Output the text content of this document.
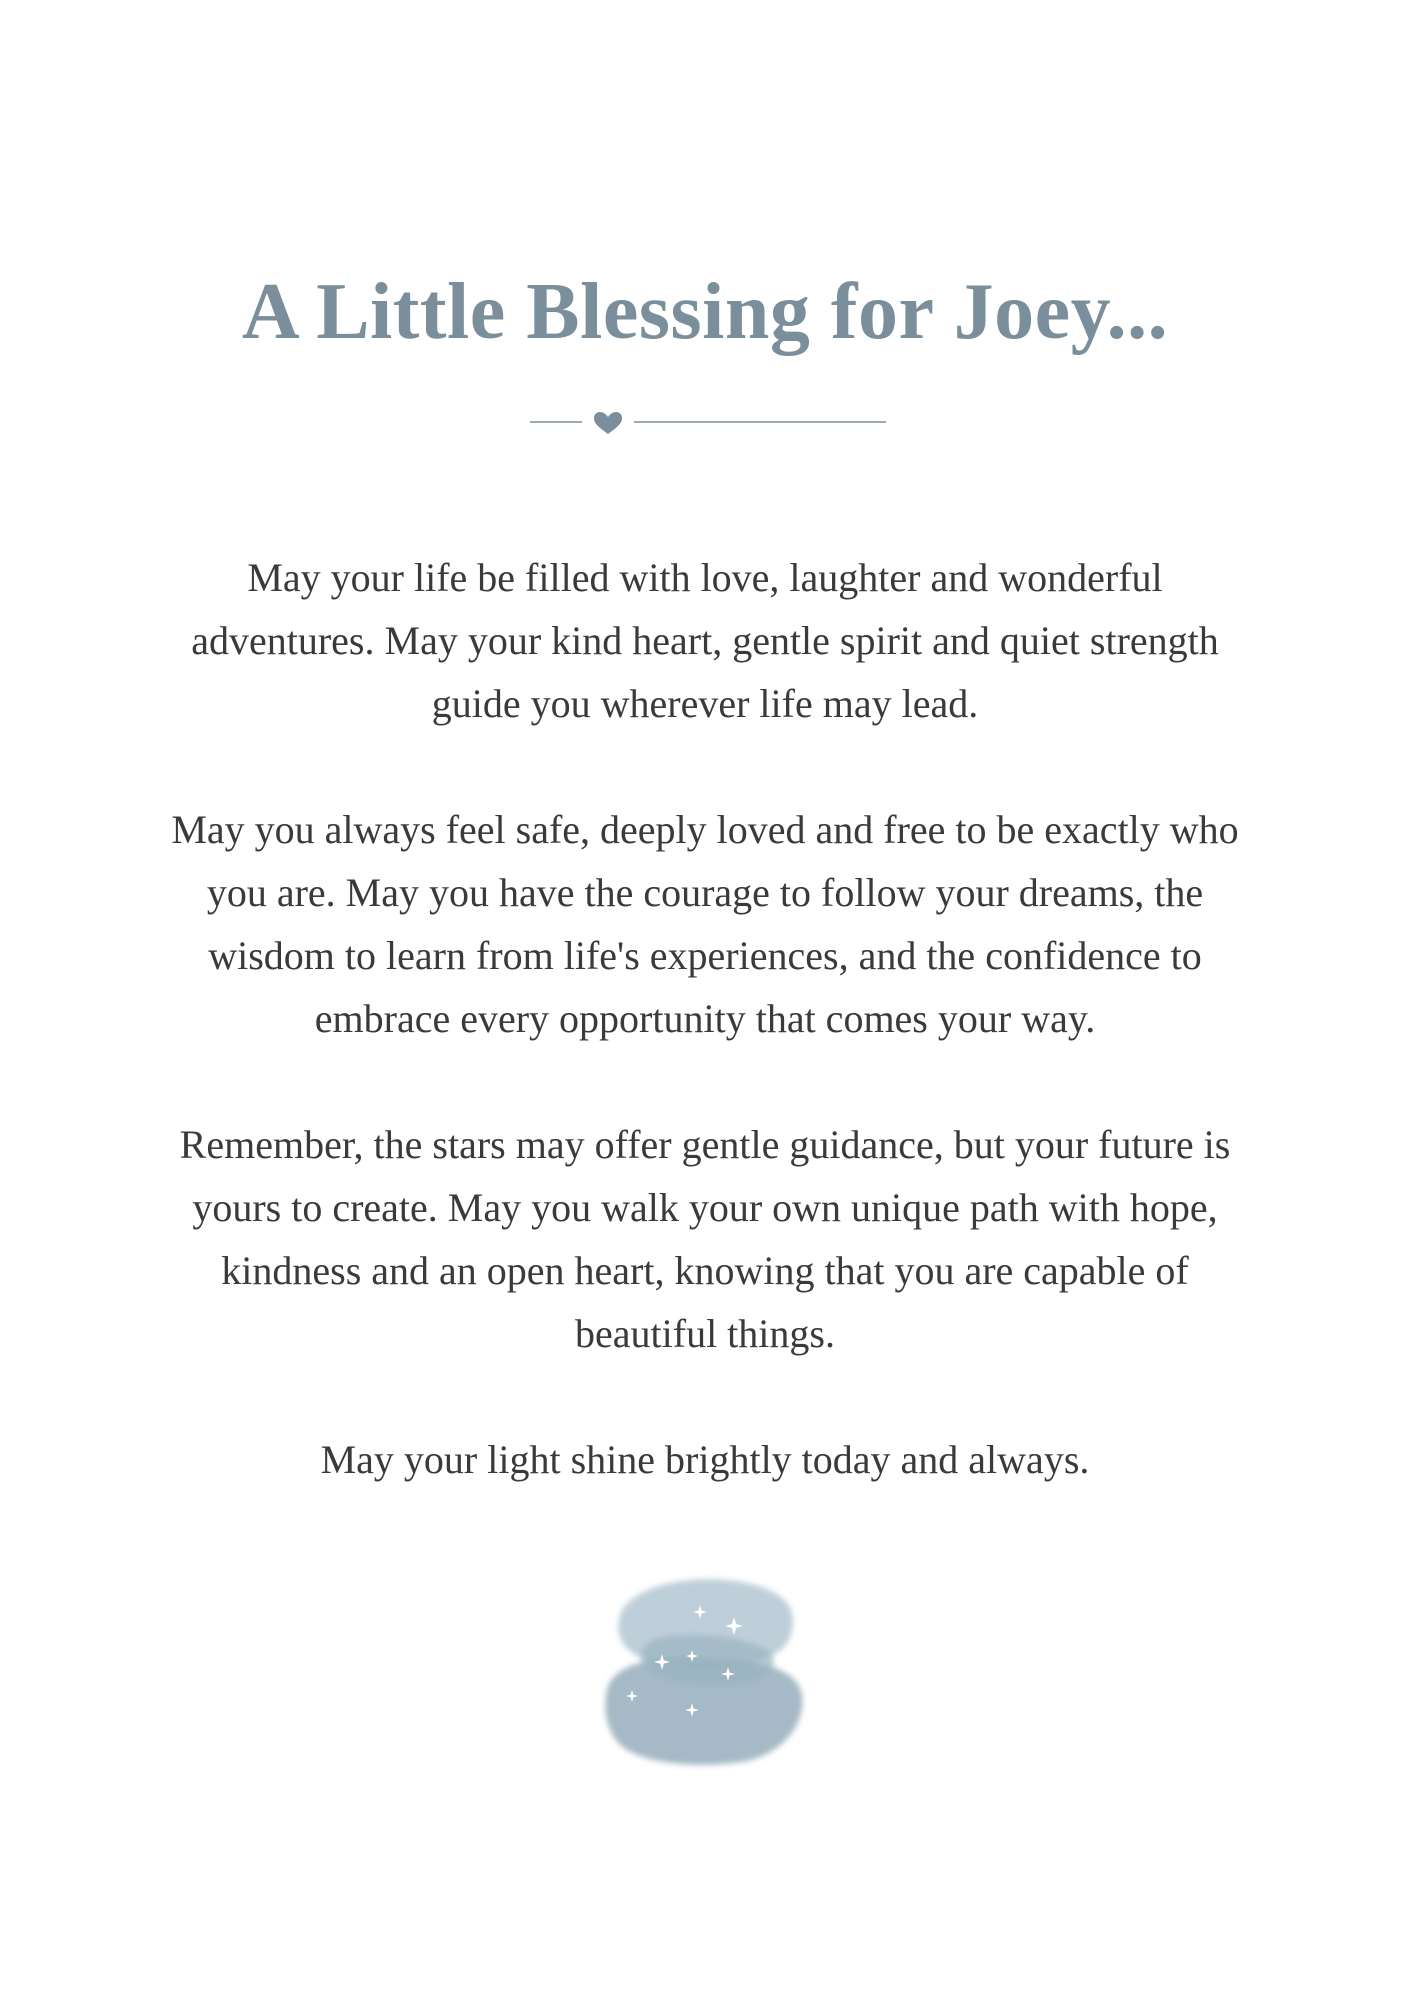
A Little Blessing for Joey...

May your life be filled with love, laughter and wonderful adventures. May your kind heart, gentle spirit and quiet strength guide you wherever life may lead.

May you always feel safe, deeply loved and free to be exactly who you are. May you have the courage to follow your dreams, the wisdom to learn from life's experiences, and the confidence to embrace every opportunity that comes your way.

Remember, the stars may offer gentle guidance, but your future is yours to create. May you walk your own unique path with hope, kindness and an open heart, knowing that you are capable of beautiful things.

May your light shine brightly today and always.
